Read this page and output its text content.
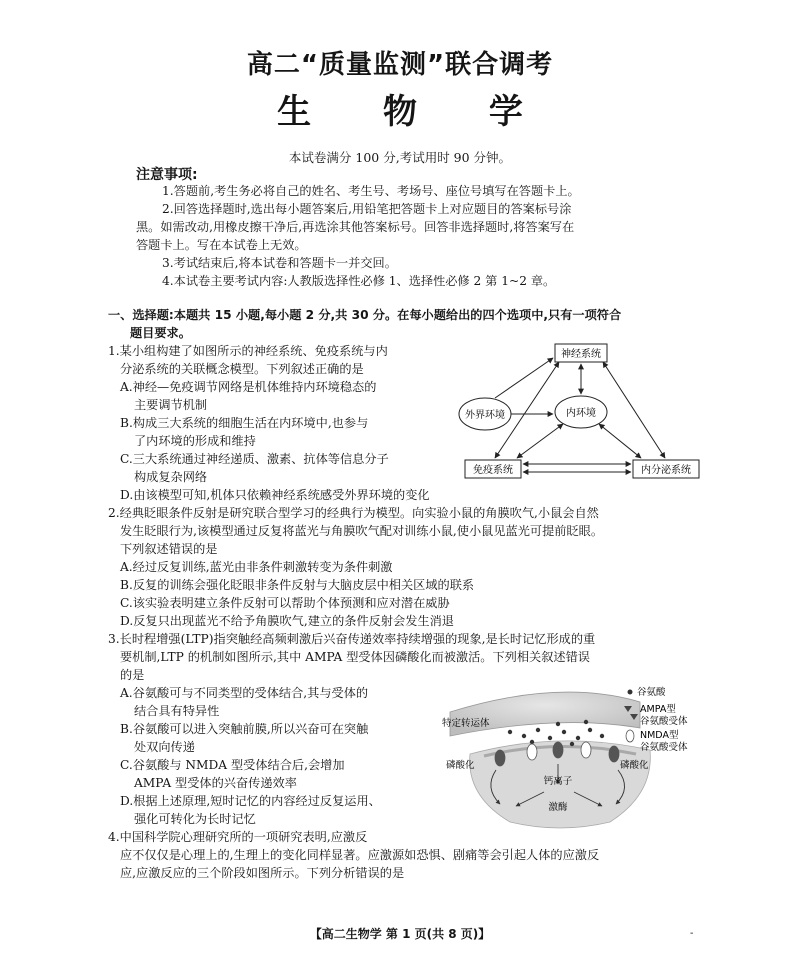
高二“质量监测”联合调考
生 物 学
本试卷满分 100 分,考试用时 90 分钟。
注意事项:

1.答题前,考生务必将自己的姓名、考生号、考场号、座位号填写在答题卡上。

2.回答选择题时,选出每小题答案后,用铅笔把答题卡上对应题目的答案标号涂

黑。如需改动,用橡皮擦干净后,再选涂其他答案标号。回答非选择题时,将答案写在

答题卡上。写在本试卷上无效。

3.考试结束后,将本试卷和答题卡一并交回。

4.本试卷主要考试内容:人教版选择性必修 1、选择性必修 2 第 1~2 章。

一、选择题:本题共 15 小题,每小题 2 分,共 30 分。在每小题给出的四个选项中,只有一项符合
题目要求。

1.某小组构建了如图所示的神经系统、免疫系统与内

分泌系统的关联概念模型。下列叙述正确的是

A.神经—免疫调节网络是机体维持内环境稳态的

主要调节机制

B.构成三大系统的细胞生活在内环境中,也参与

了内环境的形成和维持

C.三大系统通过神经递质、激素、抗体等信息分子

构成复杂网络

D.由该模型可知,机体只依赖神经系统感受外界环境的变化

神经系统
外界环境	内环境
免疫系统	内分泌系统

2.经典眨眼条件反射是研究联合型学习的经典行为模型。向实验小鼠的角膜吹气,小鼠会自然

发生眨眼行为,该模型通过反复将蓝光与角膜吹气配对训练小鼠,使小鼠见蓝光可提前眨眼。

下列叙述错误的是

A.经过反复训练,蓝光由非条件刺激转变为条件刺激

B.反复的训练会强化眨眼非条件反射与大脑皮层中相关区域的联系

C.该实验表明建立条件反射可以帮助个体预测和应对潜在威胁

D.反复只出现蓝光不给予角膜吹气,建立的条件反射会发生消退

3.长时程增强(LTP)指突触经高频刺激后兴奋传递效率持续增强的现象,是长时记忆形成的重

要机制,LTP 的机制如图所示,其中 AMPA 型受体因磷酸化而被激活。下列相关叙述错误

的是

A.谷氨酸可与不同类型的受体结合,其与受体的

结合具有特异性

B.谷氨酸可以进入突触前膜,所以兴奋可在突触

处双向传递

C.谷氨酸与 NMDA 型受体结合后,会增加

AMPA 型受体的兴奋传递效率

D.根据上述原理,短时记忆的内容经过反复运用、

强化可转化为长时记忆

谷氨酸
AMPA型
谷氨酸受体
NMDA型
谷氨酸受体
特定转运体
磷酸化	磷酸化
钙离子
激酶

4.中国科学院心理研究所的一项研究表明,应激反

应不仅仅是心理上的,生理上的变化同样显著。应激源如恐惧、剧痛等会引起人体的应激反

应,应激反应的三个阶段如图所示。下列分析错误的是

【高二生物学 第 1 页(共 8 页)】	-
